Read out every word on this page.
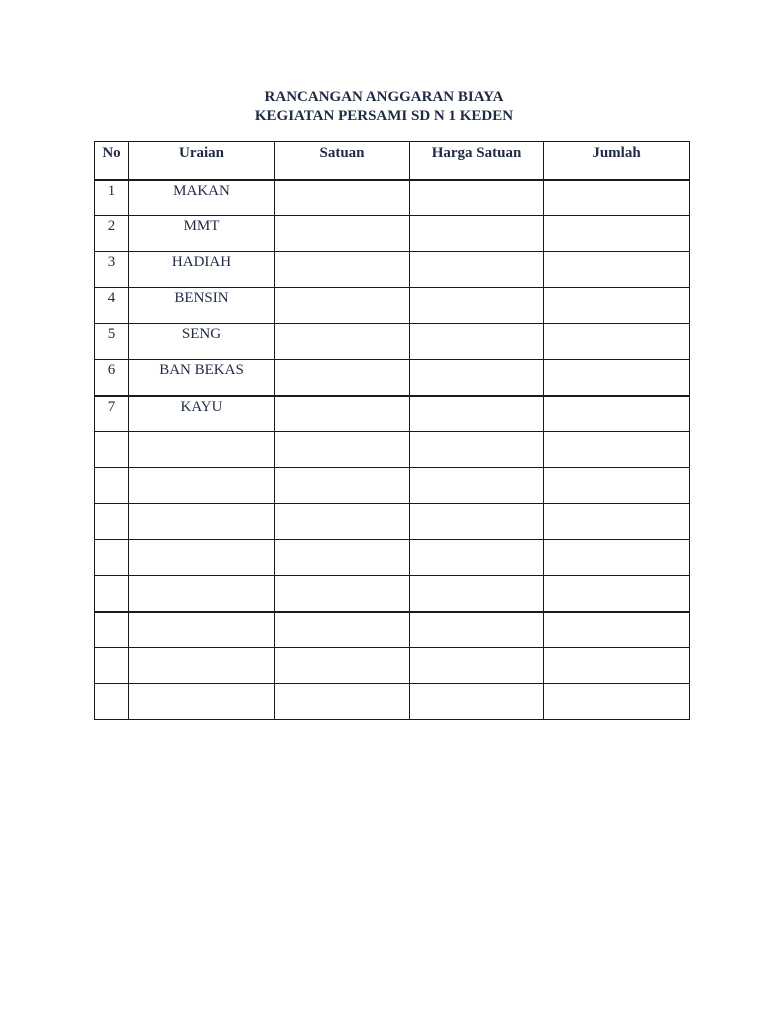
RANCANGAN ANGGARAN BIAYA
KEGIATAN PERSAMI SD N 1 KEDEN
No	Uraian	Satuan	Harga Satuan	Jumlah
1	MAKAN			
2	MMT			
3	HADIAH			
4	BENSIN			
5	SENG			
6	BAN BEKAS			
7	KAYU			
